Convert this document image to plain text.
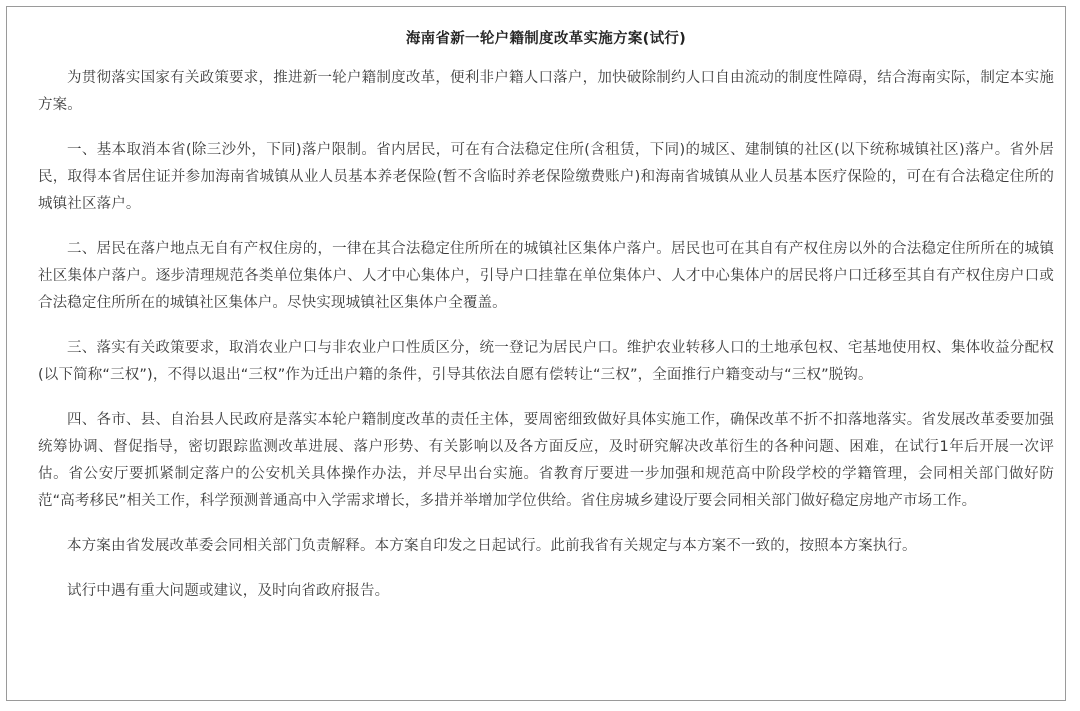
海南省新一轮户籍制度改革实施方案(试行)

为贯彻落实国家有关政策要求，推进新一轮户籍制度改革，便利非户籍人口落户，加快破除制约人口自由流动的制度性障碍，结合海南实际，制定本实施方案。

一、基本取消本省(除三沙外，下同)落户限制。省内居民，可在有合法稳定住所(含租赁，下同)的城区、建制镇的社区(以下统称城镇社区)落户。省外居民，取得本省居住证并参加海南省城镇从业人员基本养老保险(暂不含临时养老保险缴费账户)和海南省城镇从业人员基本医疗保险的，可在有合法稳定住所的城镇社区落户。

二、居民在落户地点无自有产权住房的，一律在其合法稳定住所所在的城镇社区集体户落户。居民也可在其自有产权住房以外的合法稳定住所所在的城镇社区集体户落户。逐步清理规范各类单位集体户、人才中心集体户，引导户口挂靠在单位集体户、人才中心集体户的居民将户口迁移至其自有产权住房户口或合法稳定住所所在的城镇社区集体户。尽快实现城镇社区集体户全覆盖。

三、落实有关政策要求，取消农业户口与非农业户口性质区分，统一登记为居民户口。维护农业转移人口的土地承包权、宅基地使用权、集体收益分配权(以下简称“三权”)，不得以退出“三权”作为迁出户籍的条件，引导其依法自愿有偿转让“三权”，全面推行户籍变动与“三权”脱钩。

四、各市、县、自治县人民政府是落实本轮户籍制度改革的责任主体，要周密细致做好具体实施工作，确保改革不折不扣落地落实。省发展改革委要加强统筹协调、督促指导，密切跟踪监测改革进展、落户形势、有关影响以及各方面反应，及时研究解决改革衍生的各种问题、困难，在试行1年后开展一次评估。省公安厅要抓紧制定落户的公安机关具体操作办法，并尽早出台实施。省教育厅要进一步加强和规范高中阶段学校的学籍管理，会同相关部门做好防范“高考移民”相关工作，科学预测普通高中入学需求增长，多措并举增加学位供给。省住房城乡建设厅要会同相关部门做好稳定房地产市场工作。

本方案由省发展改革委会同相关部门负责解释。本方案自印发之日起试行。此前我省有关规定与本方案不一致的，按照本方案执行。

试行中遇有重大问题或建议，及时向省政府报告。
